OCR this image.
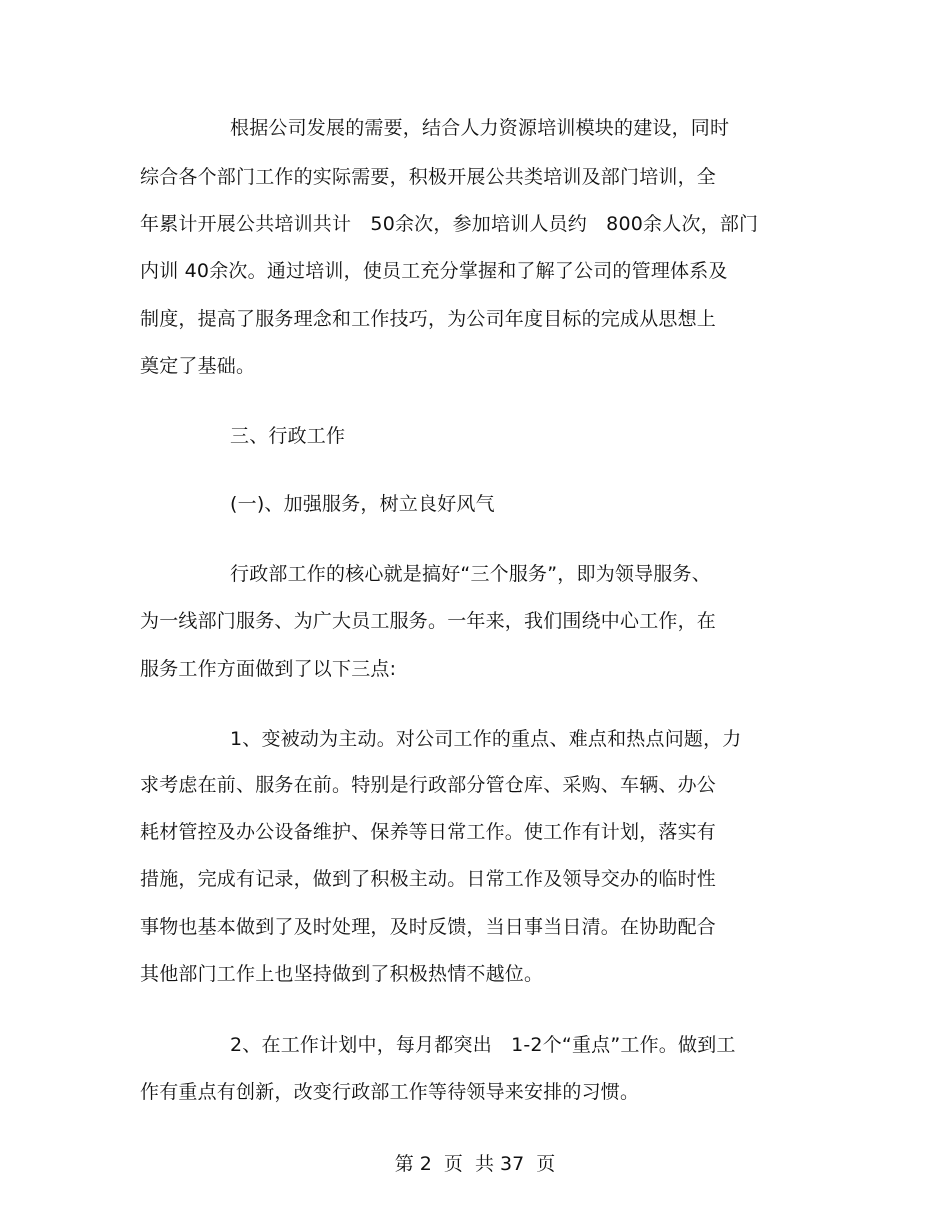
根据公司发展的需要，结合人力资源培训模块的建设，同时
综合各个部门工作的实际需要，积极开展公共类培训及部门培训，全
年累计开展公共培训共计　50余次，参加培训人员约　800余人次，部门
内训 40余次。通过培训，使员工充分掌握和了解了公司的管理体系及
制度，提高了服务理念和工作技巧，为公司年度目标的完成从思想上
奠定了基础。
三、行政工作
(一)、加强服务，树立良好风气
行政部工作的核心就是搞好“三个服务”，即为领导服务、
为一线部门服务、为广大员工服务。一年来，我们围绕中心工作，在
服务工作方面做到了以下三点:
1、变被动为主动。对公司工作的重点、难点和热点问题，力
求考虑在前、服务在前。特别是行政部分管仓库、采购、车辆、办公
耗材管控及办公设备维护、保养等日常工作。使工作有计划，落实有
措施，完成有记录，做到了积极主动。日常工作及领导交办的临时性
事物也基本做到了及时处理，及时反馈，当日事当日清。在协助配合
其他部门工作上也坚持做到了积极热情不越位。
2、在工作计划中，每月都突出　1-2个“重点”工作。做到工
作有重点有创新，改变行政部工作等待领导来安排的习惯。
第 2  页  共 37  页
